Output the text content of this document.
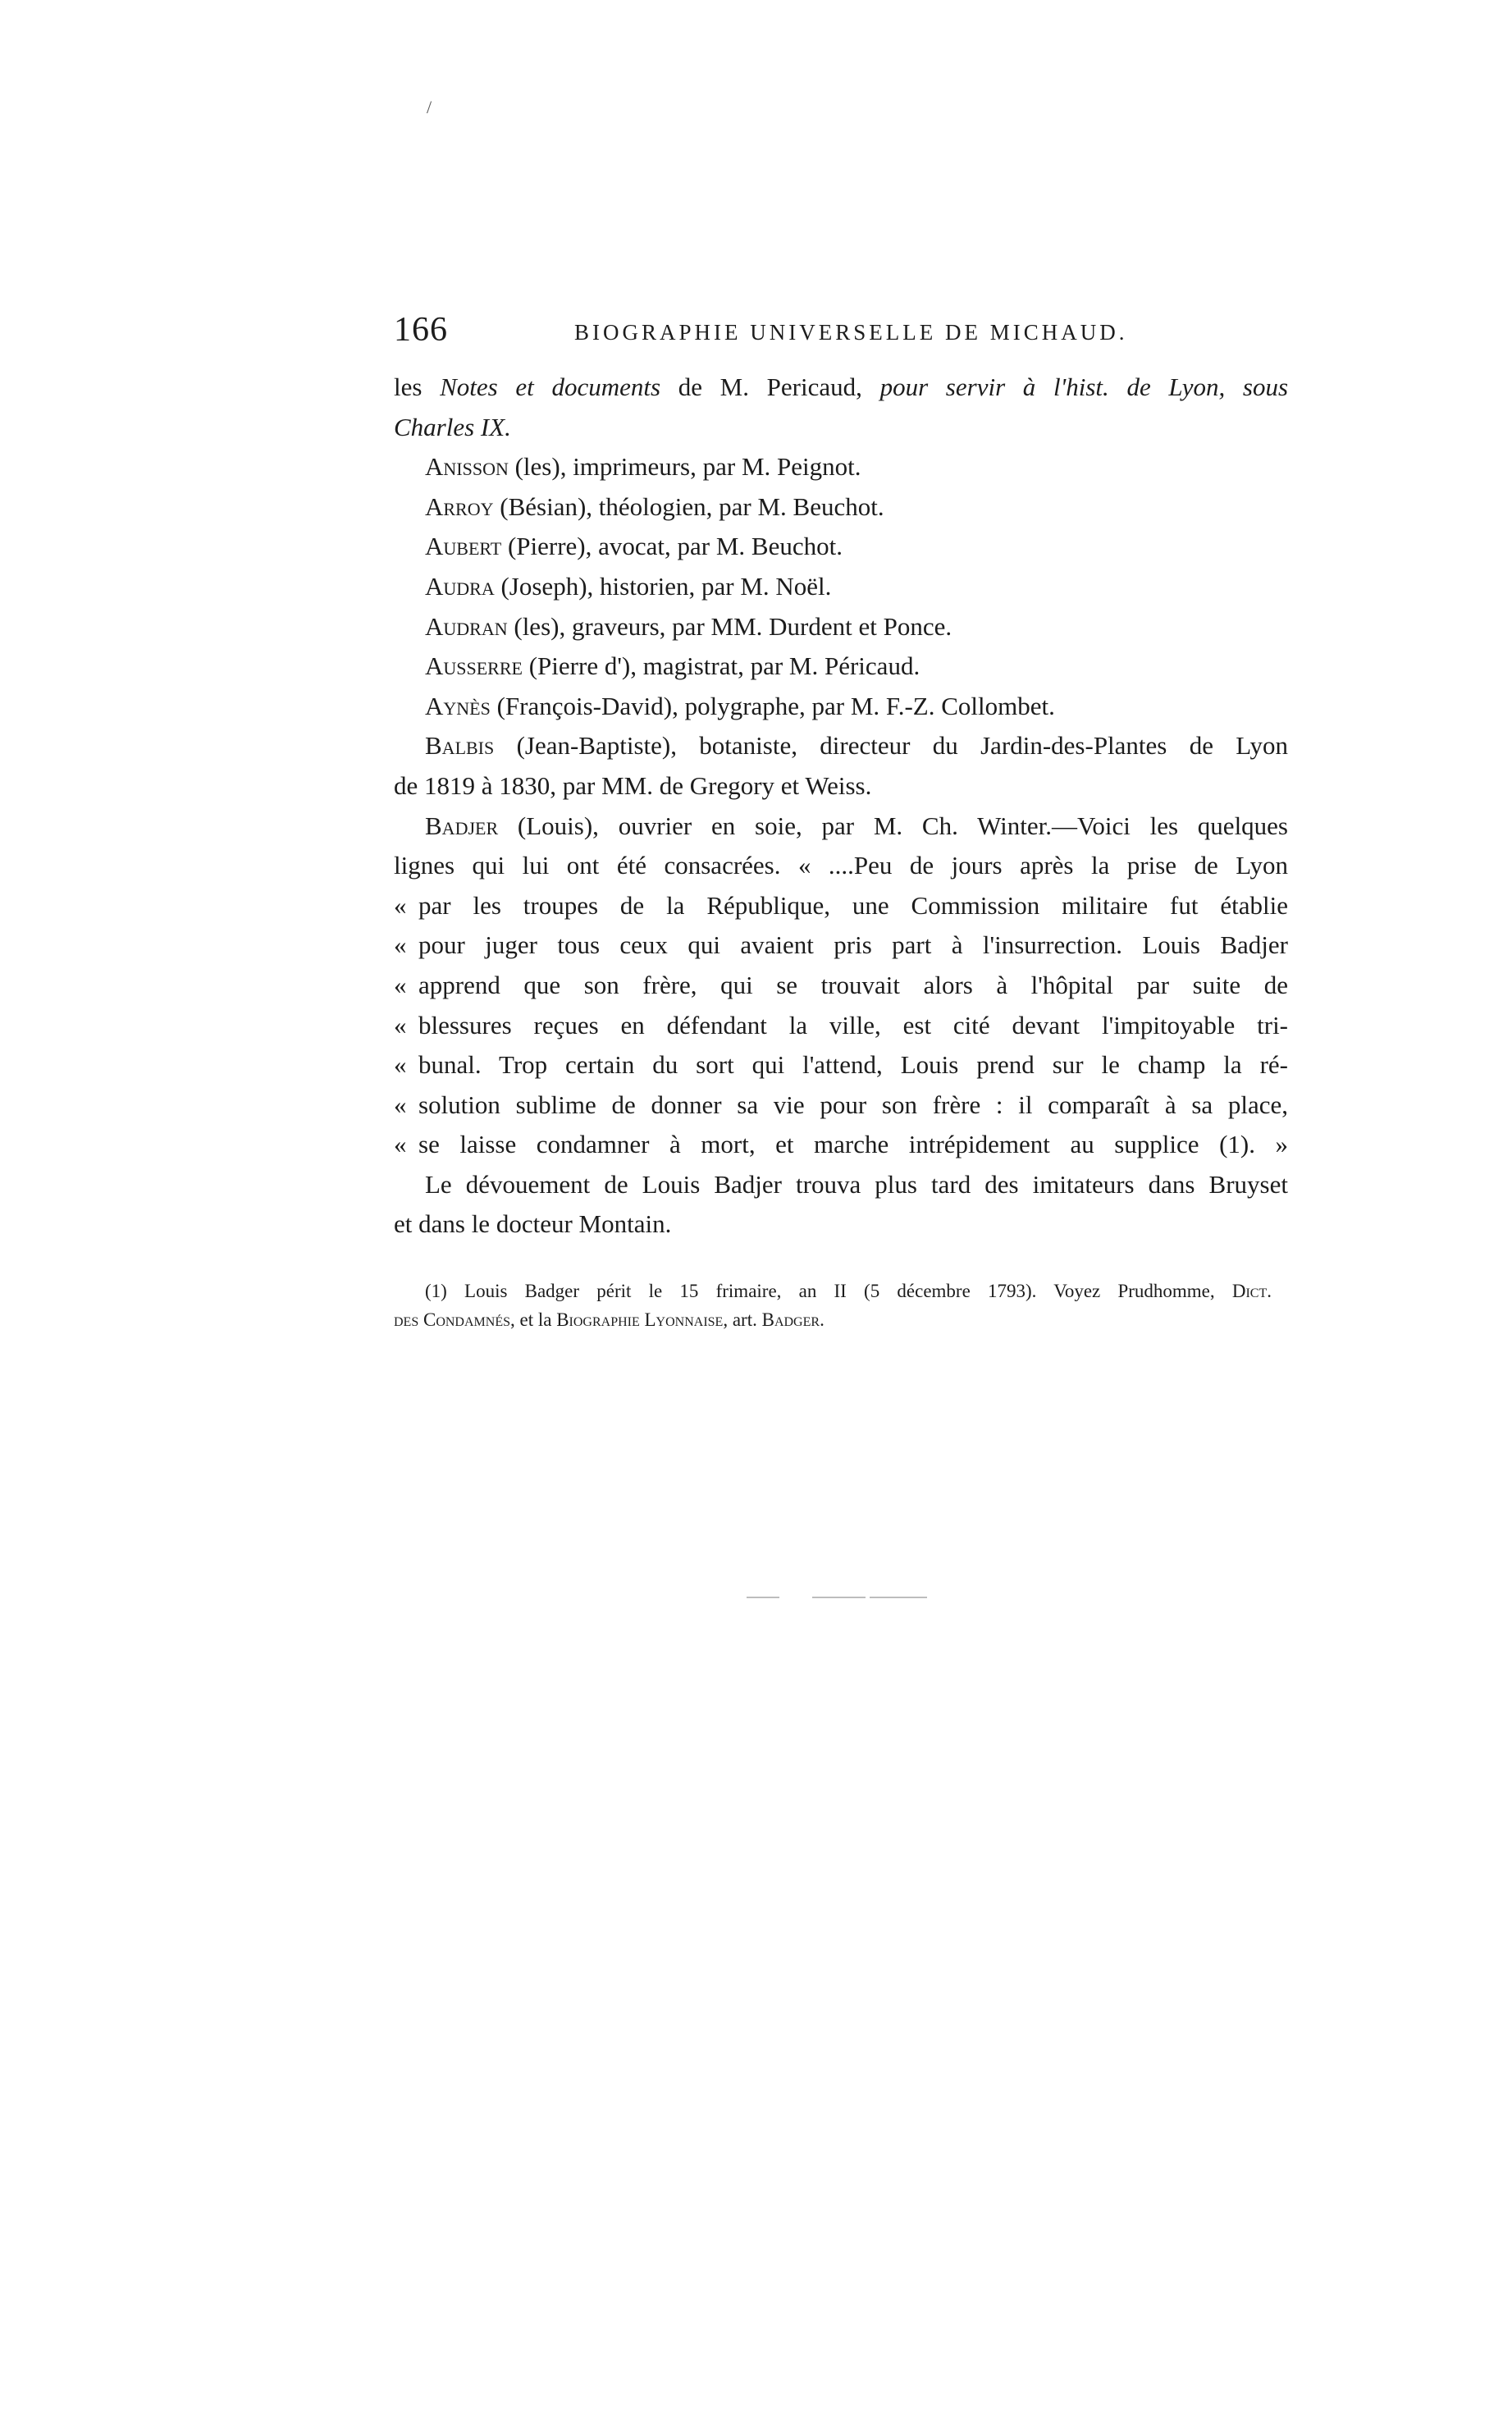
/
166	BIOGRAPHIE UNIVERSELLE DE MICHAUD.
les Notes et documents de M. Pericaud, pour servir à l'hist. de Lyon, sous
Charles IX.
Anisson (les), imprimeurs, par M. Peignot.
Arroy (Bésian), théologien, par M. Beuchot.
Aubert (Pierre), avocat, par M. Beuchot.
Audra (Joseph), historien, par M. Noël.
Audran (les), graveurs, par MM. Durdent et Ponce.
Ausserre (Pierre d'), magistrat, par M. Péricaud.
Aynès (François-David), polygraphe, par M. F.-Z. Collombet.
Balbis (Jean-Baptiste), botaniste, directeur du Jardin-des-Plantes de Lyon
de 1819 à 1830, par MM. de Gregory et Weiss.
Badjer (Louis), ouvrier en soie, par M. Ch. Winter.—Voici les quelques
lignes qui lui ont été consacrées. « ....Peu de jours après la prise de Lyon
« par les troupes de la République, une Commission militaire fut établie
« pour juger tous ceux qui avaient pris part à l'insurrection. Louis Badjer
« apprend que son frère, qui se trouvait alors à l'hôpital par suite de
« blessures reçues en défendant la ville, est cité devant l'impitoyable tri-
« bunal. Trop certain du sort qui l'attend, Louis prend sur le champ la ré-
« solution sublime de donner sa vie pour son frère : il comparaît à sa place,
« se laisse condamner à mort, et marche intrépidement au supplice (1). »
Le dévouement de Louis Badjer trouva plus tard des imitateurs dans Bruyset
et dans le docteur Montain.
(1) Louis Badger périt le 15 frimaire, an II (5 décembre 1793). Voyez Prudhomme, Dict.
des Condamnés, et la Biographie Lyonnaise, art. Badger.
